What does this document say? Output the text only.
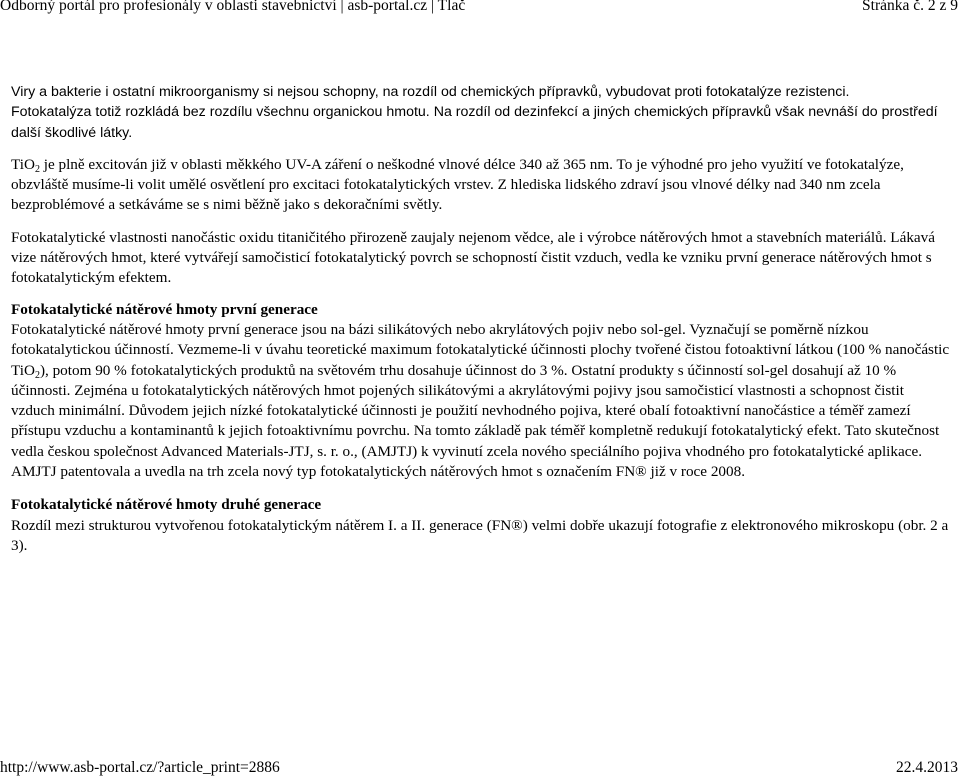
Odborný portál pro profesionály v oblasti stavebnictví | asb-portal.cz | Tlač	Stránka č. 2 z 9
Viry a bakterie i ostatní mikroorganismy si nejsou schopny, na rozdíl od chemických přípravků, vybudovat proti fotokatalýze rezistenci.
Fotokatalýza totiž rozkládá bez rozdílu všechnu organickou hmotu. Na rozdíl od dezinfekcí a jiných chemických přípravků však nevnáší do prostředí
další škodlivé látky.

TiO$_2$ je plně excitován již v oblasti měkkého UV-A záření o neškodné vlnové délce 340 až 365 nm. To je výhodné pro jeho využití ve fotokatalýze, obzvláště musíme-li volit umělé osvětlení pro excitaci fotokatalytických vrstev. Z hlediska lidského zdraví jsou vlnové délky nad 340 nm zcela bezproblémové a setkáváme se s nimi běžně jako s dekoračními světly.

Fotokatalytické vlastnosti nanočástic oxidu titaničitého přirozeně zaujaly nejenom vědce, ale i výrobce nátěrových hmot a stavebních materiálů. Lákavá vize nátěrových hmot, které vytvářejí samočisticí fotokatalytický povrch se schopností čistit vzduch, vedla ke vzniku první generace nátěrových hmot s fotokatalytickým efektem.

Fotokatalytické nátěrové hmoty první generace

Fotokatalytické nátěrové hmoty první generace jsou na bázi silikátových nebo akrylátových pojiv nebo sol-gel. Vyznačují se poměrně nízkou fotokatalytickou účinností. Vezmeme-li v úvahu teoretické maximum fotokatalytické účinnosti plochy tvořené čistou fotoaktivní látkou (100 % nanočástic TiO$_2$), potom 90 % fotokatalytických produktů na světovém trhu dosahuje účinnost do 3 %. Ostatní produkty s účinností sol-gel dosahují až 10 % účinnosti. Zejména u fotokatalytických nátěrových hmot pojených silikátovými a akrylátovými pojivy jsou samočisticí vlastnosti a schopnost čistit vzduch minimální. Důvodem jejich nízké fotokatalytické účinnosti je použití nevhodného pojiva, které obalí fotoaktivní nanočástice a téměř zamezí přístupu vzduchu a kontaminantů k jejich fotoaktivnímu povrchu. Na tomto základě pak téměř kompletně redukují fotokatalytický efekt. Tato skutečnost vedla českou společnost Advanced Materials-JTJ, s. r. o., (AMJTJ) k vyvinutí zcela nového speciálního pojiva vhodného pro fotokatalytické aplikace. AMJTJ patentovala a uvedla na trh zcela nový typ fotokatalytických nátěrových hmot s označením FN® již v roce 2008.

Fotokatalytické nátěrové hmoty druhé generace

Rozdíl mezi strukturou vytvořenou fotokatalytickým nátěrem I. a II. generace (FN®) velmi dobře ukazují fotografie z elektronového mikroskopu (obr. 2 a 3).

http://www.asb-portal.cz/?article_print=2886	22.4.2013
